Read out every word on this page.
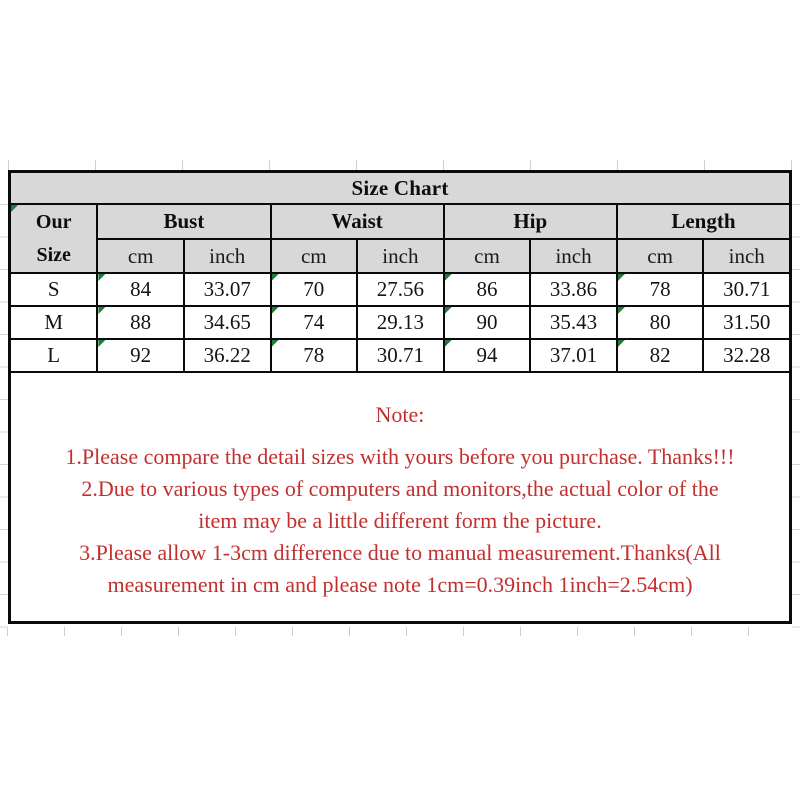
Size Chart								
Our
Size	Bust		Waist		Hip		Length	
	cm	inch	cm	inch	cm	inch	cm	inch
S	84	33.07	70	27.56	86	33.86	78	30.71
M	88	34.65	74	29.13	90	35.43	80	31.50
L	92	36.22	78	30.71	94	37.01	82	32.28
Note:
1.Please compare the detail sizes with yours before you purchase. Thanks!!!
2.Due to various types of computers and monitors,the actual color of the
item may be a little different form the picture.
3.Please allow 1-3cm difference due to manual measurement.Thanks(All
measurement in cm and please note 1cm=0.39inch 1inch=2.54cm)
